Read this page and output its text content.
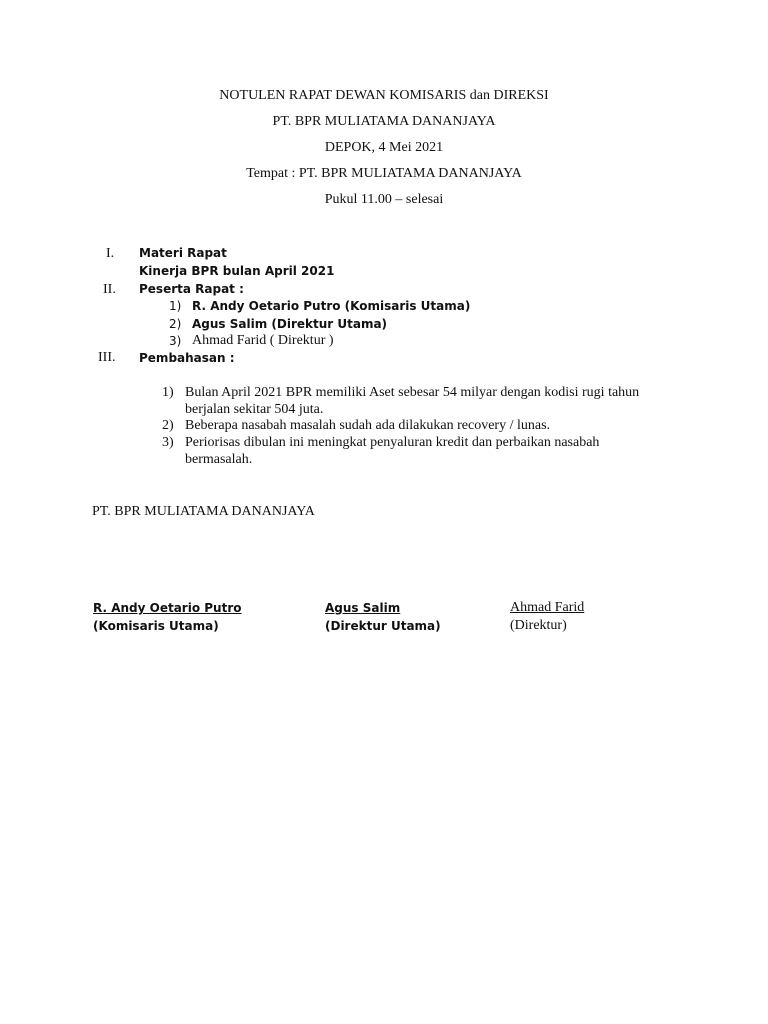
NOTULEN RAPAT DEWAN KOMISARIS dan DIREKSI
PT. BPR MULIATAMA DANANJAYA
DEPOK, 4 Mei 2021
Tempat : PT. BPR MULIATAMA DANANJAYA
Pukul 11.00 – selesai
I. Materi Rapat
Kinerja BPR bulan April 2021
II. Peserta Rapat :
1) R. Andy Oetario Putro (Komisaris Utama)
2) Agus Salim (Direktur Utama)
3) Ahmad Farid ( Direktur )
III. Pembahasan :
1) Bulan April 2021 BPR memiliki Aset sebesar 54 milyar dengan kodisi rugi tahun
berjalan sekitar 504 juta.
2) Beberapa nasabah masalah sudah ada dilakukan recovery / lunas.
3) Periorisas dibulan ini meningkat penyaluran kredit dan perbaikan nasabah
bermasalah.
PT. BPR MULIATAMA DANANJAYA
R. Andy Oetario Putro
(Komisaris Utama)
Agus Salim
(Direktur Utama)
Ahmad Farid
(Direktur)
